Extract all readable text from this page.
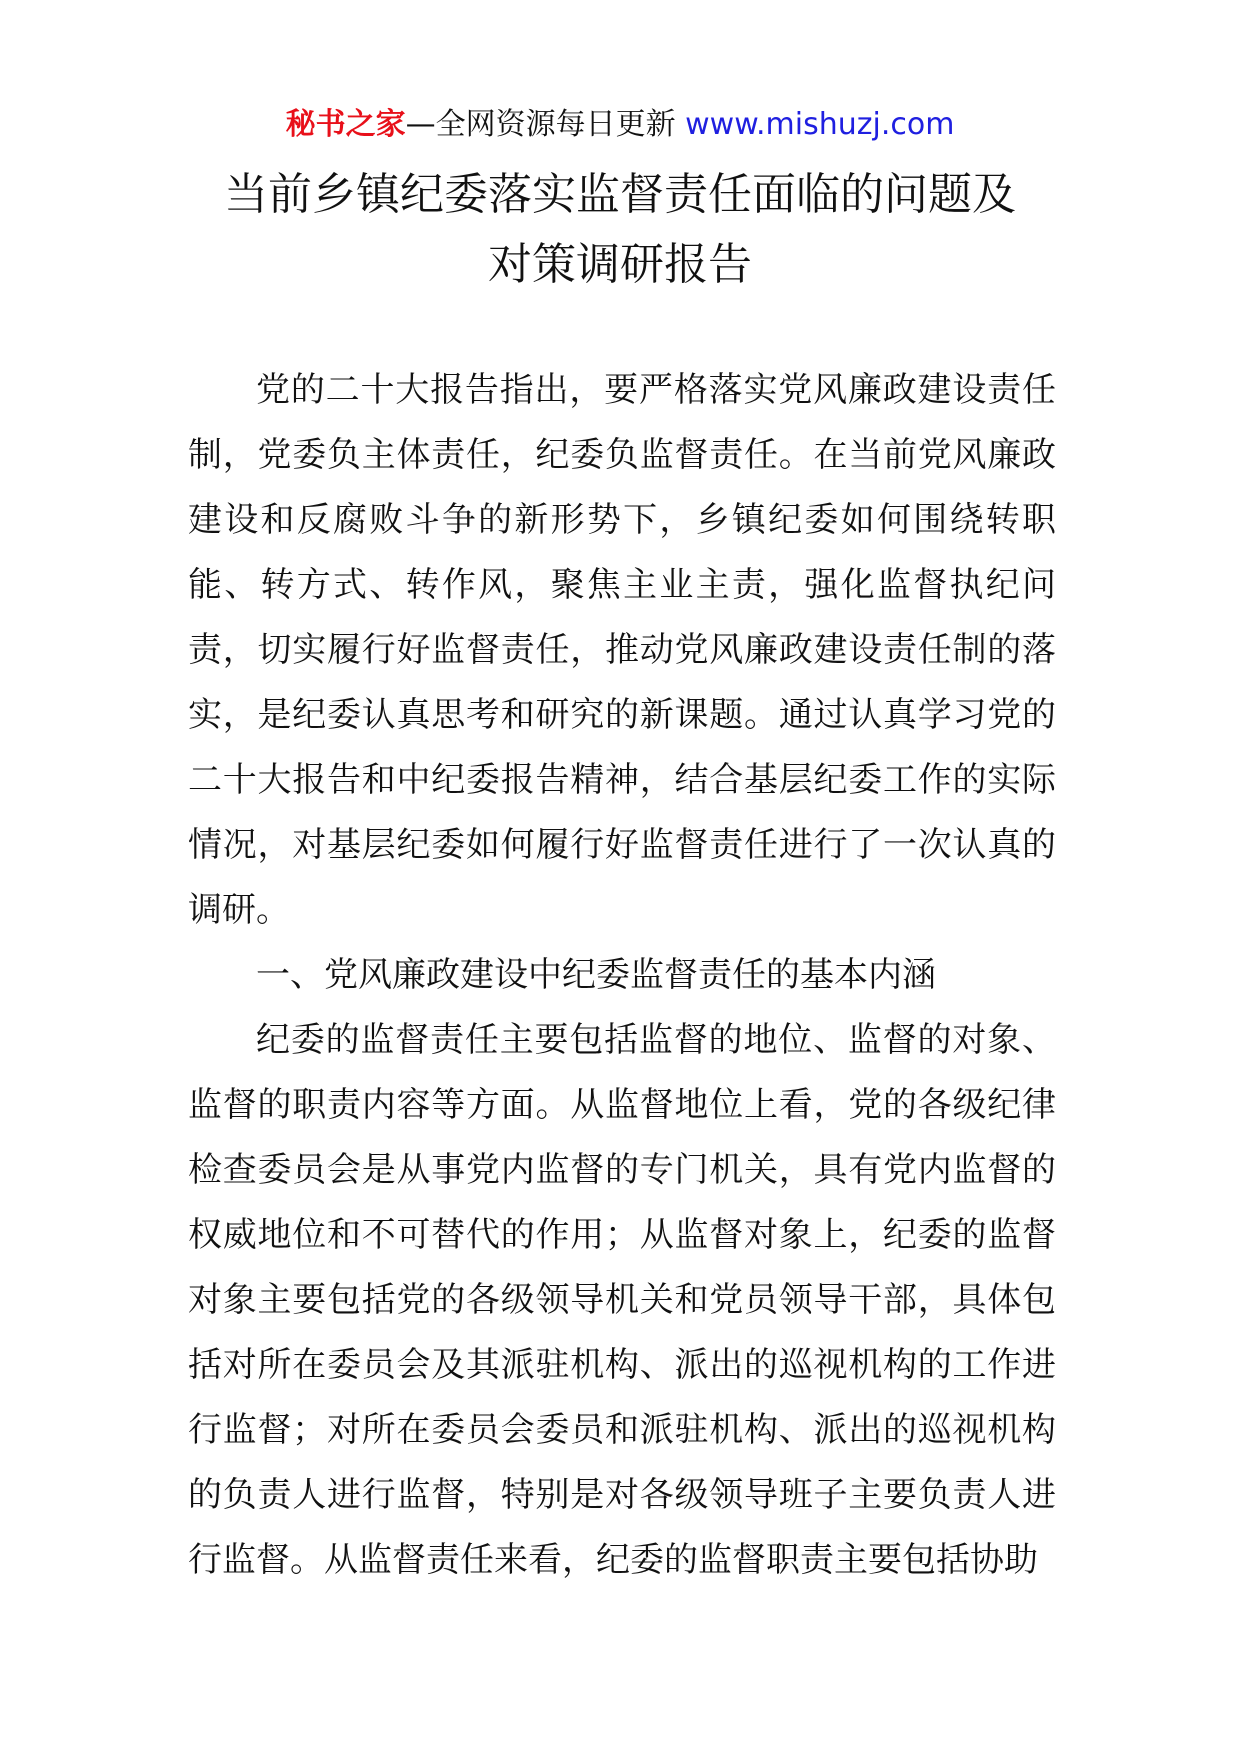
秘书之家—全网资源每日更新 www.mishuzj.com
当前乡镇纪委落实监督责任面临的问题及
对策调研报告

党的二十大报告指出，要严格落实党风廉政建设责任制，党委负主体责任，纪委负监督责任。在当前党风廉政建设和反腐败斗争的新形势下，乡镇纪委如何围绕转职能、转方式、转作风，聚焦主业主责，强化监督执纪问责，切实履行好监督责任，推动党风廉政建设责任制的落实，是纪委认真思考和研究的新课题。通过认真学习党的二十大报告和中纪委报告精神，结合基层纪委工作的实际情况，对基层纪委如何履行好监督责任进行了一次认真的调研。

一、党风廉政建设中纪委监督责任的基本内涵

纪委的监督责任主要包括监督的地位、监督的对象、监督的职责内容等方面。从监督地位上看，党的各级纪律检查委员会是从事党内监督的专门机关，具有党内监督的权威地位和不可替代的作用；从监督对象上，纪委的监督对象主要包括党的各级领导机关和党员领导干部，具体包括对所在委员会及其派驻机构、派出的巡视机构的工作进行监督；对所在委员会委员和派驻机构、派出的巡视机构的负责人进行监督，特别是对各级领导班子主要负责人进行监督。从监督责任来看，纪委的监督职责主要包括协助
